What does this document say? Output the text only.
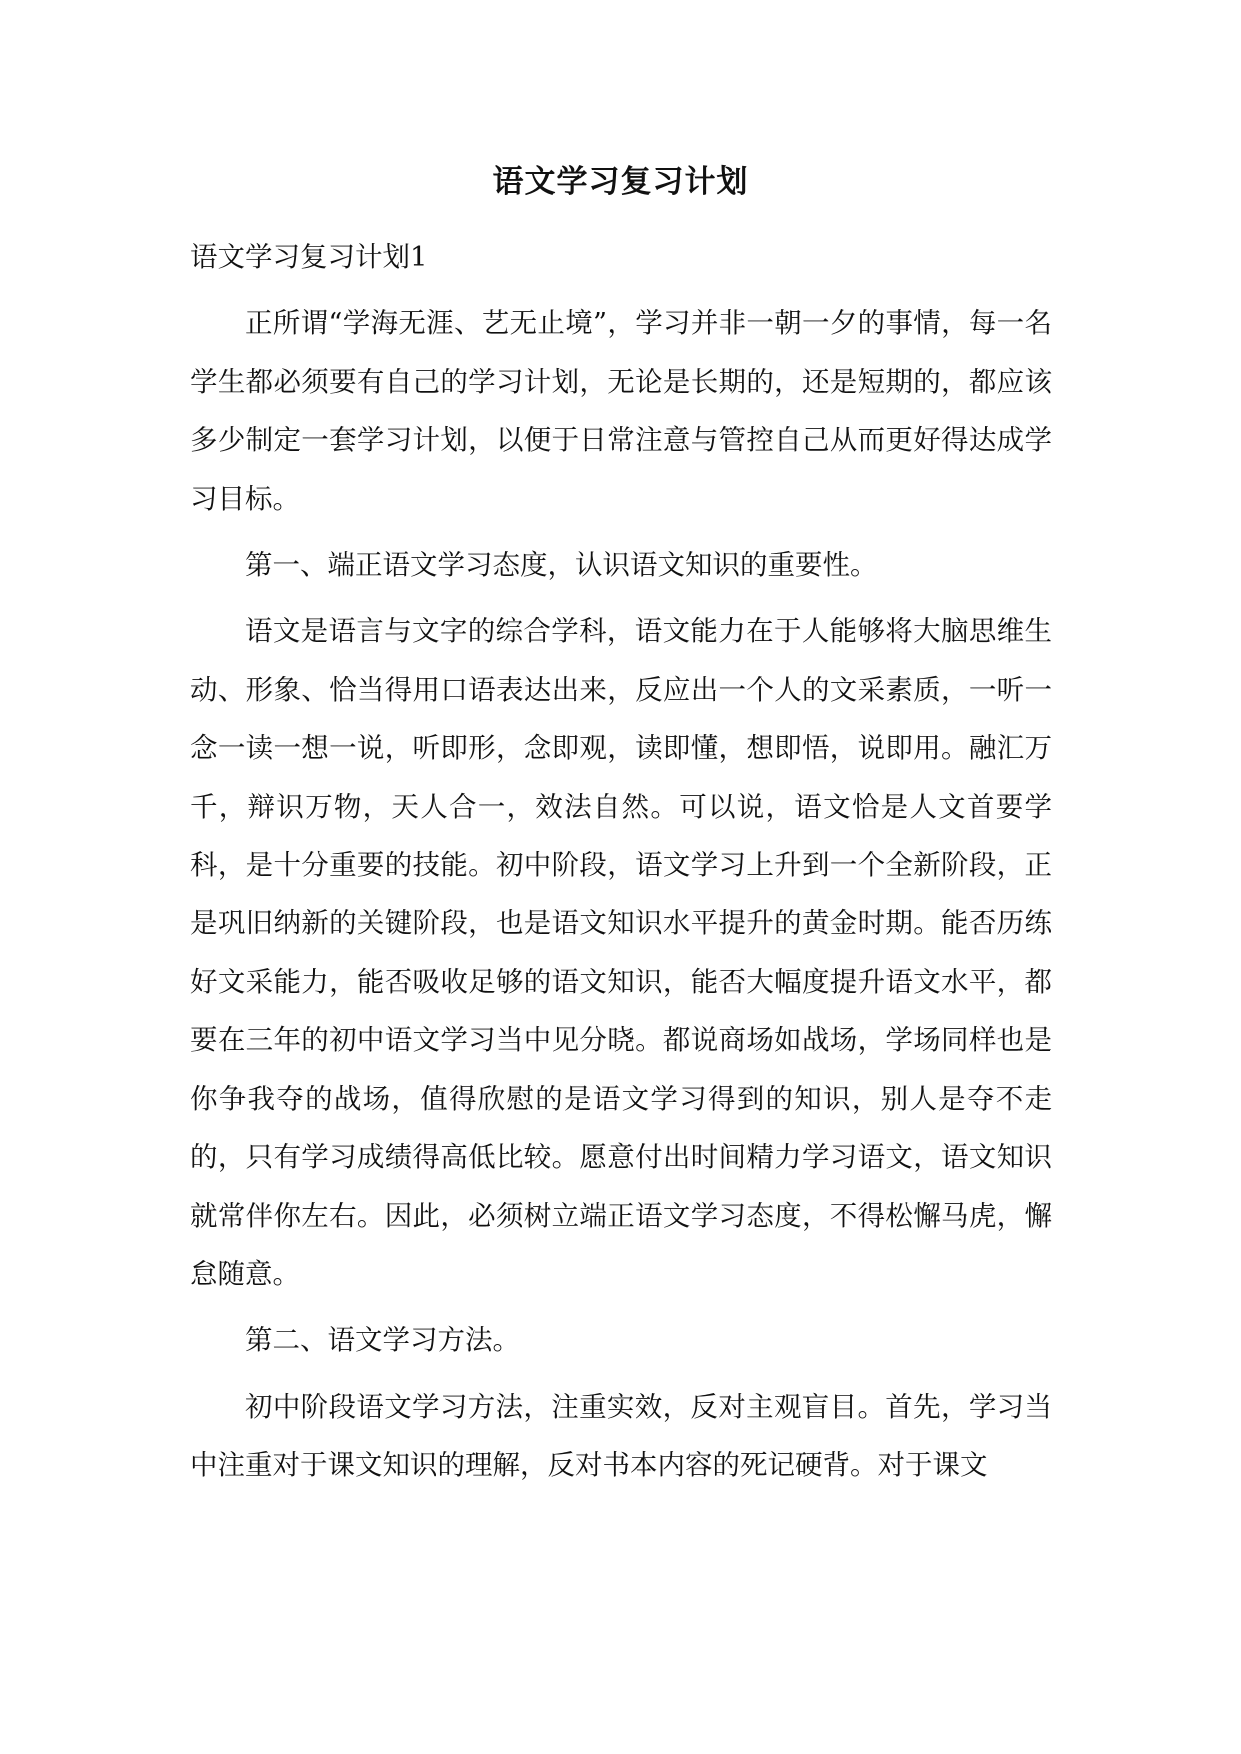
语文学习复习计划

语文学习复习计划1

正所谓“学海无涯、艺无止境”，学习并非一朝一夕的事情，每一名学生都必须要有自己的学习计划，无论是长期的，还是短期的，都应该多少制定一套学习计划，以便于日常注意与管控自己从而更好得达成学习目标。

第一、端正语文学习态度，认识语文知识的重要性。

语文是语言与文字的综合学科，语文能力在于人能够将大脑思维生动、形象、恰当得用口语表达出来，反应出一个人的文采素质，一听一念一读一想一说，听即形，念即观，读即懂，想即悟，说即用。融汇万千，辩识万物，天人合一，效法自然。可以说，语文恰是人文首要学科，是十分重要的技能。初中阶段，语文学习上升到一个全新阶段，正是巩旧纳新的关键阶段，也是语文知识水平提升的黄金时期。能否历练好文采能力，能否吸收足够的语文知识，能否大幅度提升语文水平，都要在三年的初中语文学习当中见分晓。都说商场如战场，学场同样也是你争我夺的战场，值得欣慰的是语文学习得到的知识，别人是夺不走的，只有学习成绩得高低比较。愿意付出时间精力学习语文，语文知识就常伴你左右。因此，必须树立端正语文学习态度，不得松懈马虎，懈怠随意。

第二、语文学习方法。

初中阶段语文学习方法，注重实效，反对主观盲目。首先，学习当中注重对于课文知识的理解，反对书本内容的死记硬背。对于课文
